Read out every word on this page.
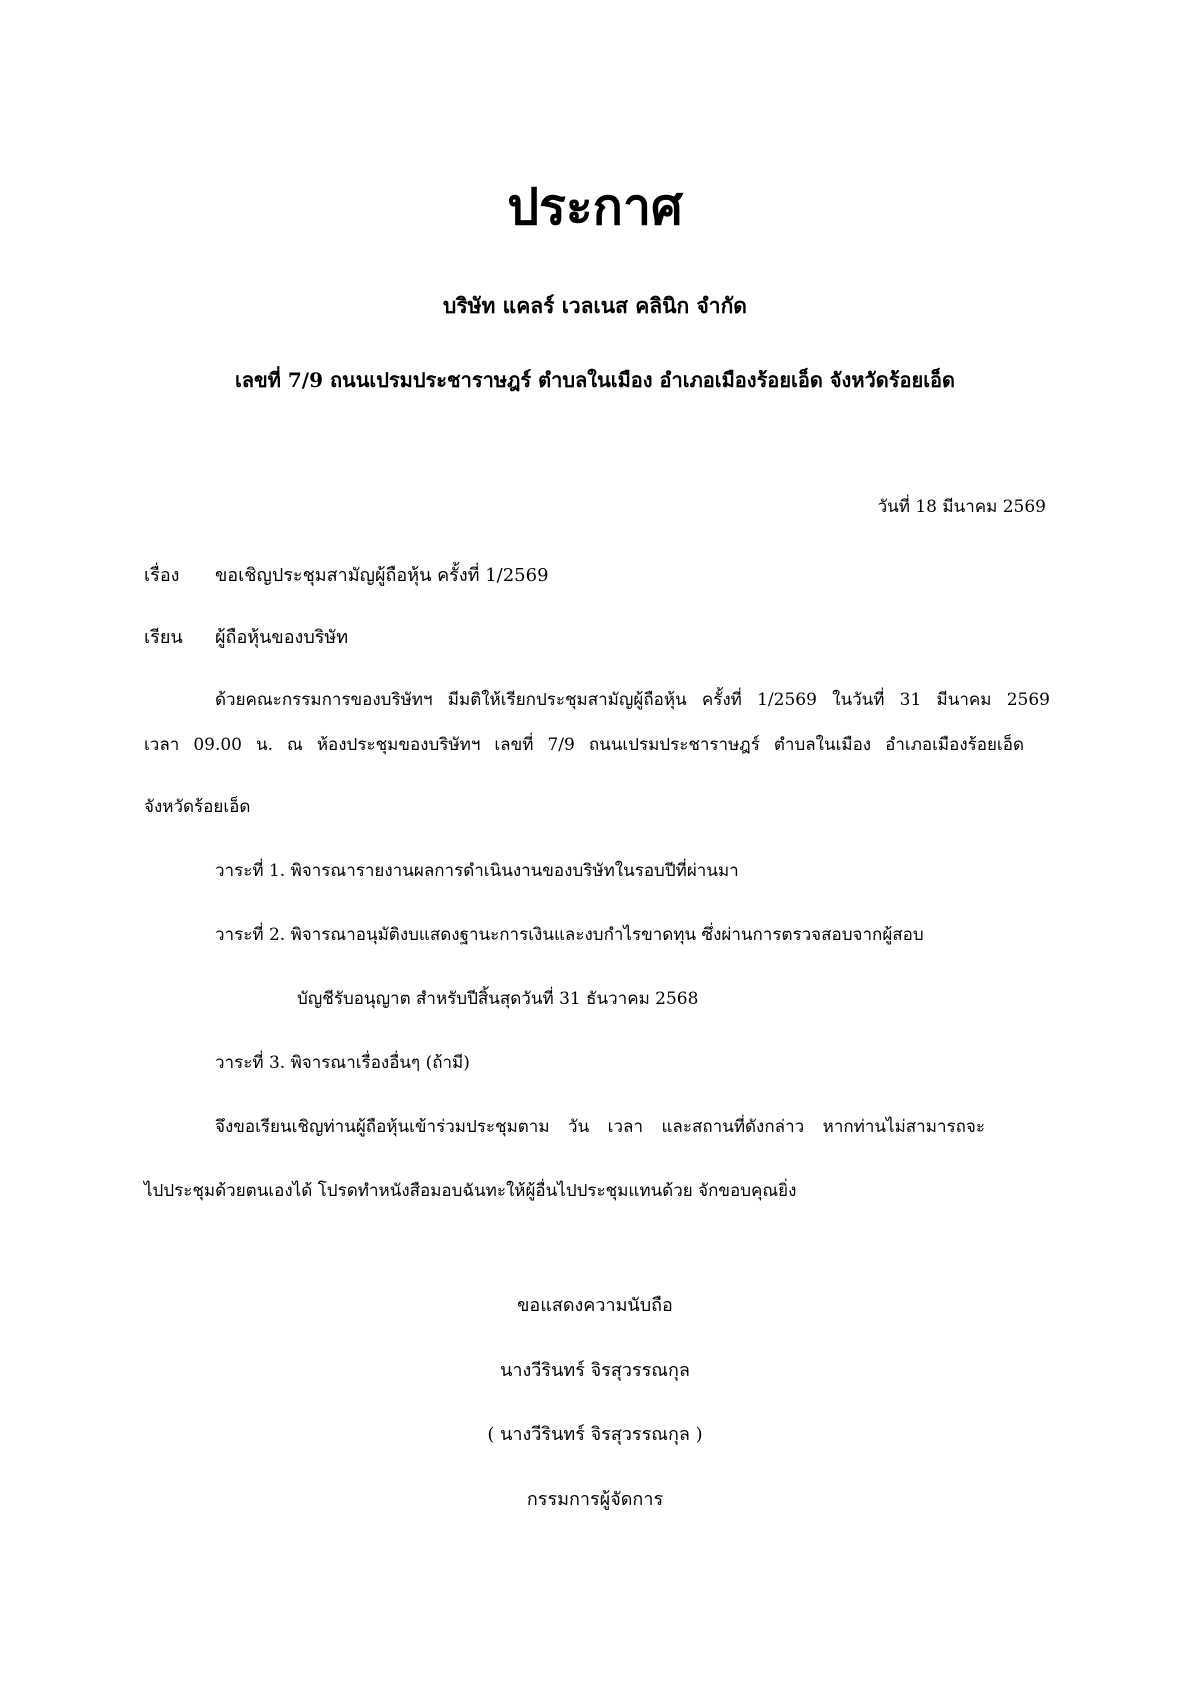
ประกาศ
บริษัท แคลร์ เวลเนส คลินิก จำกัด
เลขที่ 7/9 ถนนเปรมประชาราษฎร์ ตำบลในเมือง อำเภอเมืองร้อยเอ็ด จังหวัดร้อยเอ็ด
วันที่ 18 มีนาคม 2569
เรื่อง ขอเชิญประชุมสามัญผู้ถือหุ้น ครั้งที่ 1/2569
เรียน ผู้ถือหุ้นของบริษัท
ด้วยคณะกรรมการของบริษัทฯ มีมติให้เรียกประชุมสามัญผู้ถือหุ้น ครั้งที่ 1/2569 ในวันที่ 31 มีนาคม 2569
เวลา 09.00 น. ณ ห้องประชุมของบริษัทฯ เลขที่ 7/9 ถนนเปรมประชาราษฎร์ ตำบลในเมือง อำเภอเมืองร้อยเอ็ด
จังหวัดร้อยเอ็ด
วาระที่ 1. พิจารณารายงานผลการดำเนินงานของบริษัทในรอบปีที่ผ่านมา
วาระที่ 2. พิจารณาอนุมัติงบแสดงฐานะการเงินและงบกำไรขาดทุน ซึ่งผ่านการตรวจสอบจากผู้สอบ
บัญชีรับอนุญาต สำหรับปีสิ้นสุดวันที่ 31 ธันวาคม 2568
วาระที่ 3. พิจารณาเรื่องอื่นๆ (ถ้ามี)
จึงขอเรียนเชิญท่านผู้ถือหุ้นเข้าร่วมประชุมตาม วัน เวลา และสถานที่ดังกล่าว หากท่านไม่สามารถจะ
ไปประชุมด้วยตนเองได้ โปรดทำหนังสือมอบฉันทะให้ผู้อื่นไปประชุมแทนด้วย จักขอบคุณยิ่ง
ขอแสดงความนับถือ
นางวีรินทร์ จิรสุวรรณกุล
( นางวีรินทร์ จิรสุวรรณกุล )
กรรมการผู้จัดการ
